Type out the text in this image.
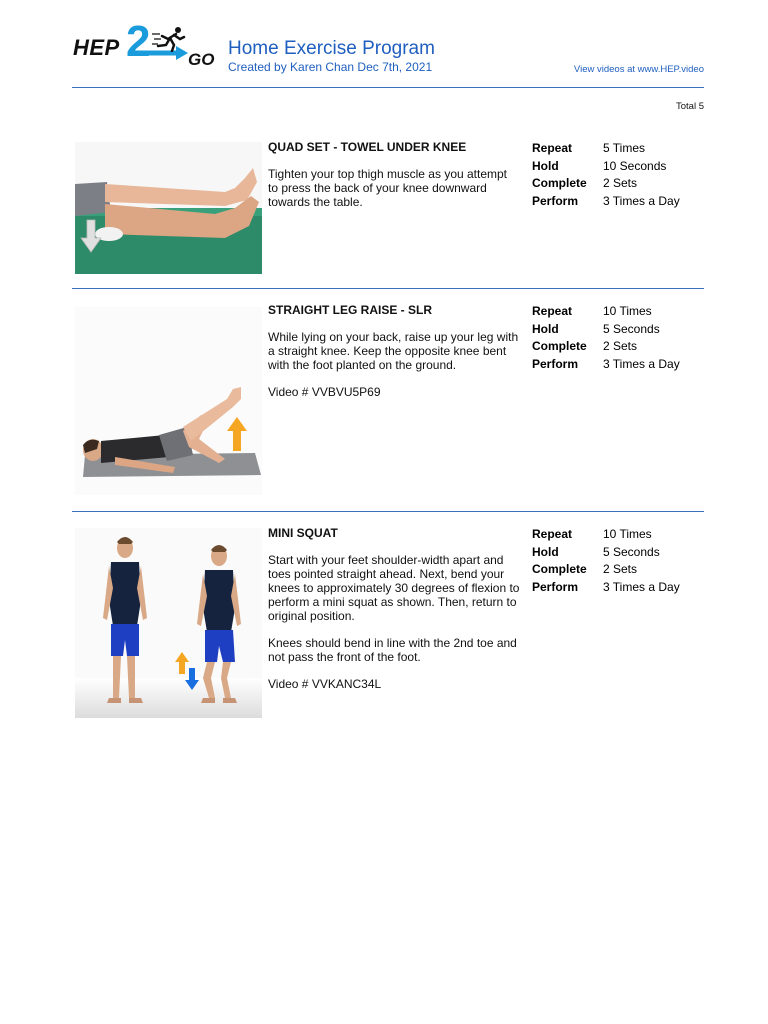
HEP 2 GO
Home Exercise Program
Created by Karen Chan Dec 7th, 2021	View videos at www.HEP.video
Total 5
QUAD SET - TOWEL UNDER KNEE

Tighten your top thigh muscle as you attempt to press the back of your knee downward towards the table.

Repeat	5 Times
Hold	10 Seconds
Complete	2 Sets
Perform	3 Times a Day
STRAIGHT LEG RAISE - SLR

While lying on your back, raise up your leg with a straight knee. Keep the opposite knee bent with the foot planted on the ground.

Video # VVBVU5P69

Repeat	10 Times
Hold	5 Seconds
Complete	2 Sets
Perform	3 Times a Day
MINI SQUAT

Start with your feet shoulder-width apart and toes pointed straight ahead. Next, bend your knees to approximately 30 degrees of flexion to perform a mini squat as shown. Then, return to original position.

Knees should bend in line with the 2nd toe and not pass the front of the foot.

Video # VVKANC34L

Repeat	10 Times
Hold	5 Seconds
Complete	2 Sets
Perform	3 Times a Day
